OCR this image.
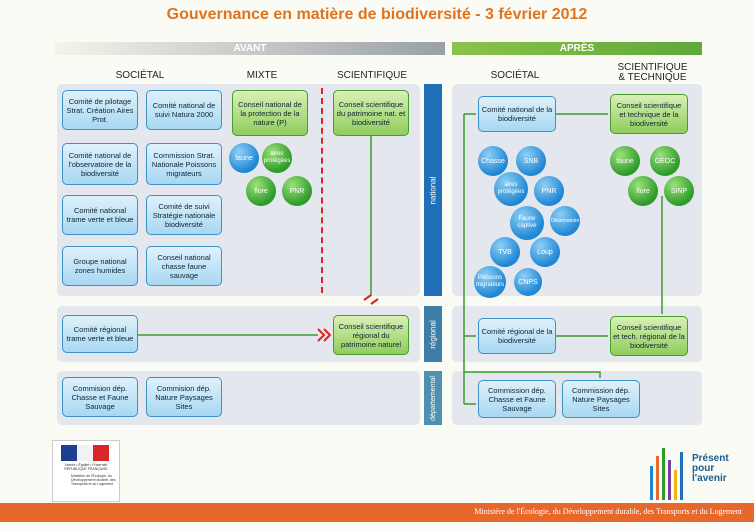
Gouvernance en matière de biodiversité - 3 février 2012
AVANT	APRÈS
SOCIÉTAL	MIXTE	SCIENTIFIQUE	SOCIÉTAL
SCIENTIFIQUE
& TECHNIQUE
national
régional
départemental
Comité de pilotage Strat. Création Aires Prot.
Comité national de suivi Natura 2000
Comité national de l'observatoire de la biodiversité
Commission Strat. Nationale Poissons migrateurs
Comité national trame verte et bleue
Comité de suivi Stratégie nationale biodiversité
Groupe national zones humides
Conseil national chasse faune sauvage
Comité régional trame verte et bleue
Commision dép. Chasse et Faune Sauvage
Commision dép. Nature Paysages Sites
Conseil national de la protection de la nature (P)
faune
aires protégées
flore	PNR
Conseil scientifique du patrimoine nat. et biodiversité
Conseil scientifique régional du patrimoine naturel
Comité national de la biodiversité
Conseil scientifique et technique de la biodiversité
Chasse	SNB
aires protégées	PNR
Faune captive
Observatoire
TVB	Loup
Poissons migrateurs	CNPS
faune	GEOC
flore	SINP
Comité régional de la biodiversité
Conseil scientifique et tech. régional de la biodiversité
Commission dép. Chasse et Faune Sauvage
Commission dép. Nature Paysages Sites
Liberté • Égalité • Fraternité
RÉPUBLIQUE FRANÇAISE
Ministère de l'Écologie, du Développement durable, des Transports et du Logement
Présent
pour
l'avenir
Ministère de l'Écologie, du Développement durable, des Transports et du Logement
